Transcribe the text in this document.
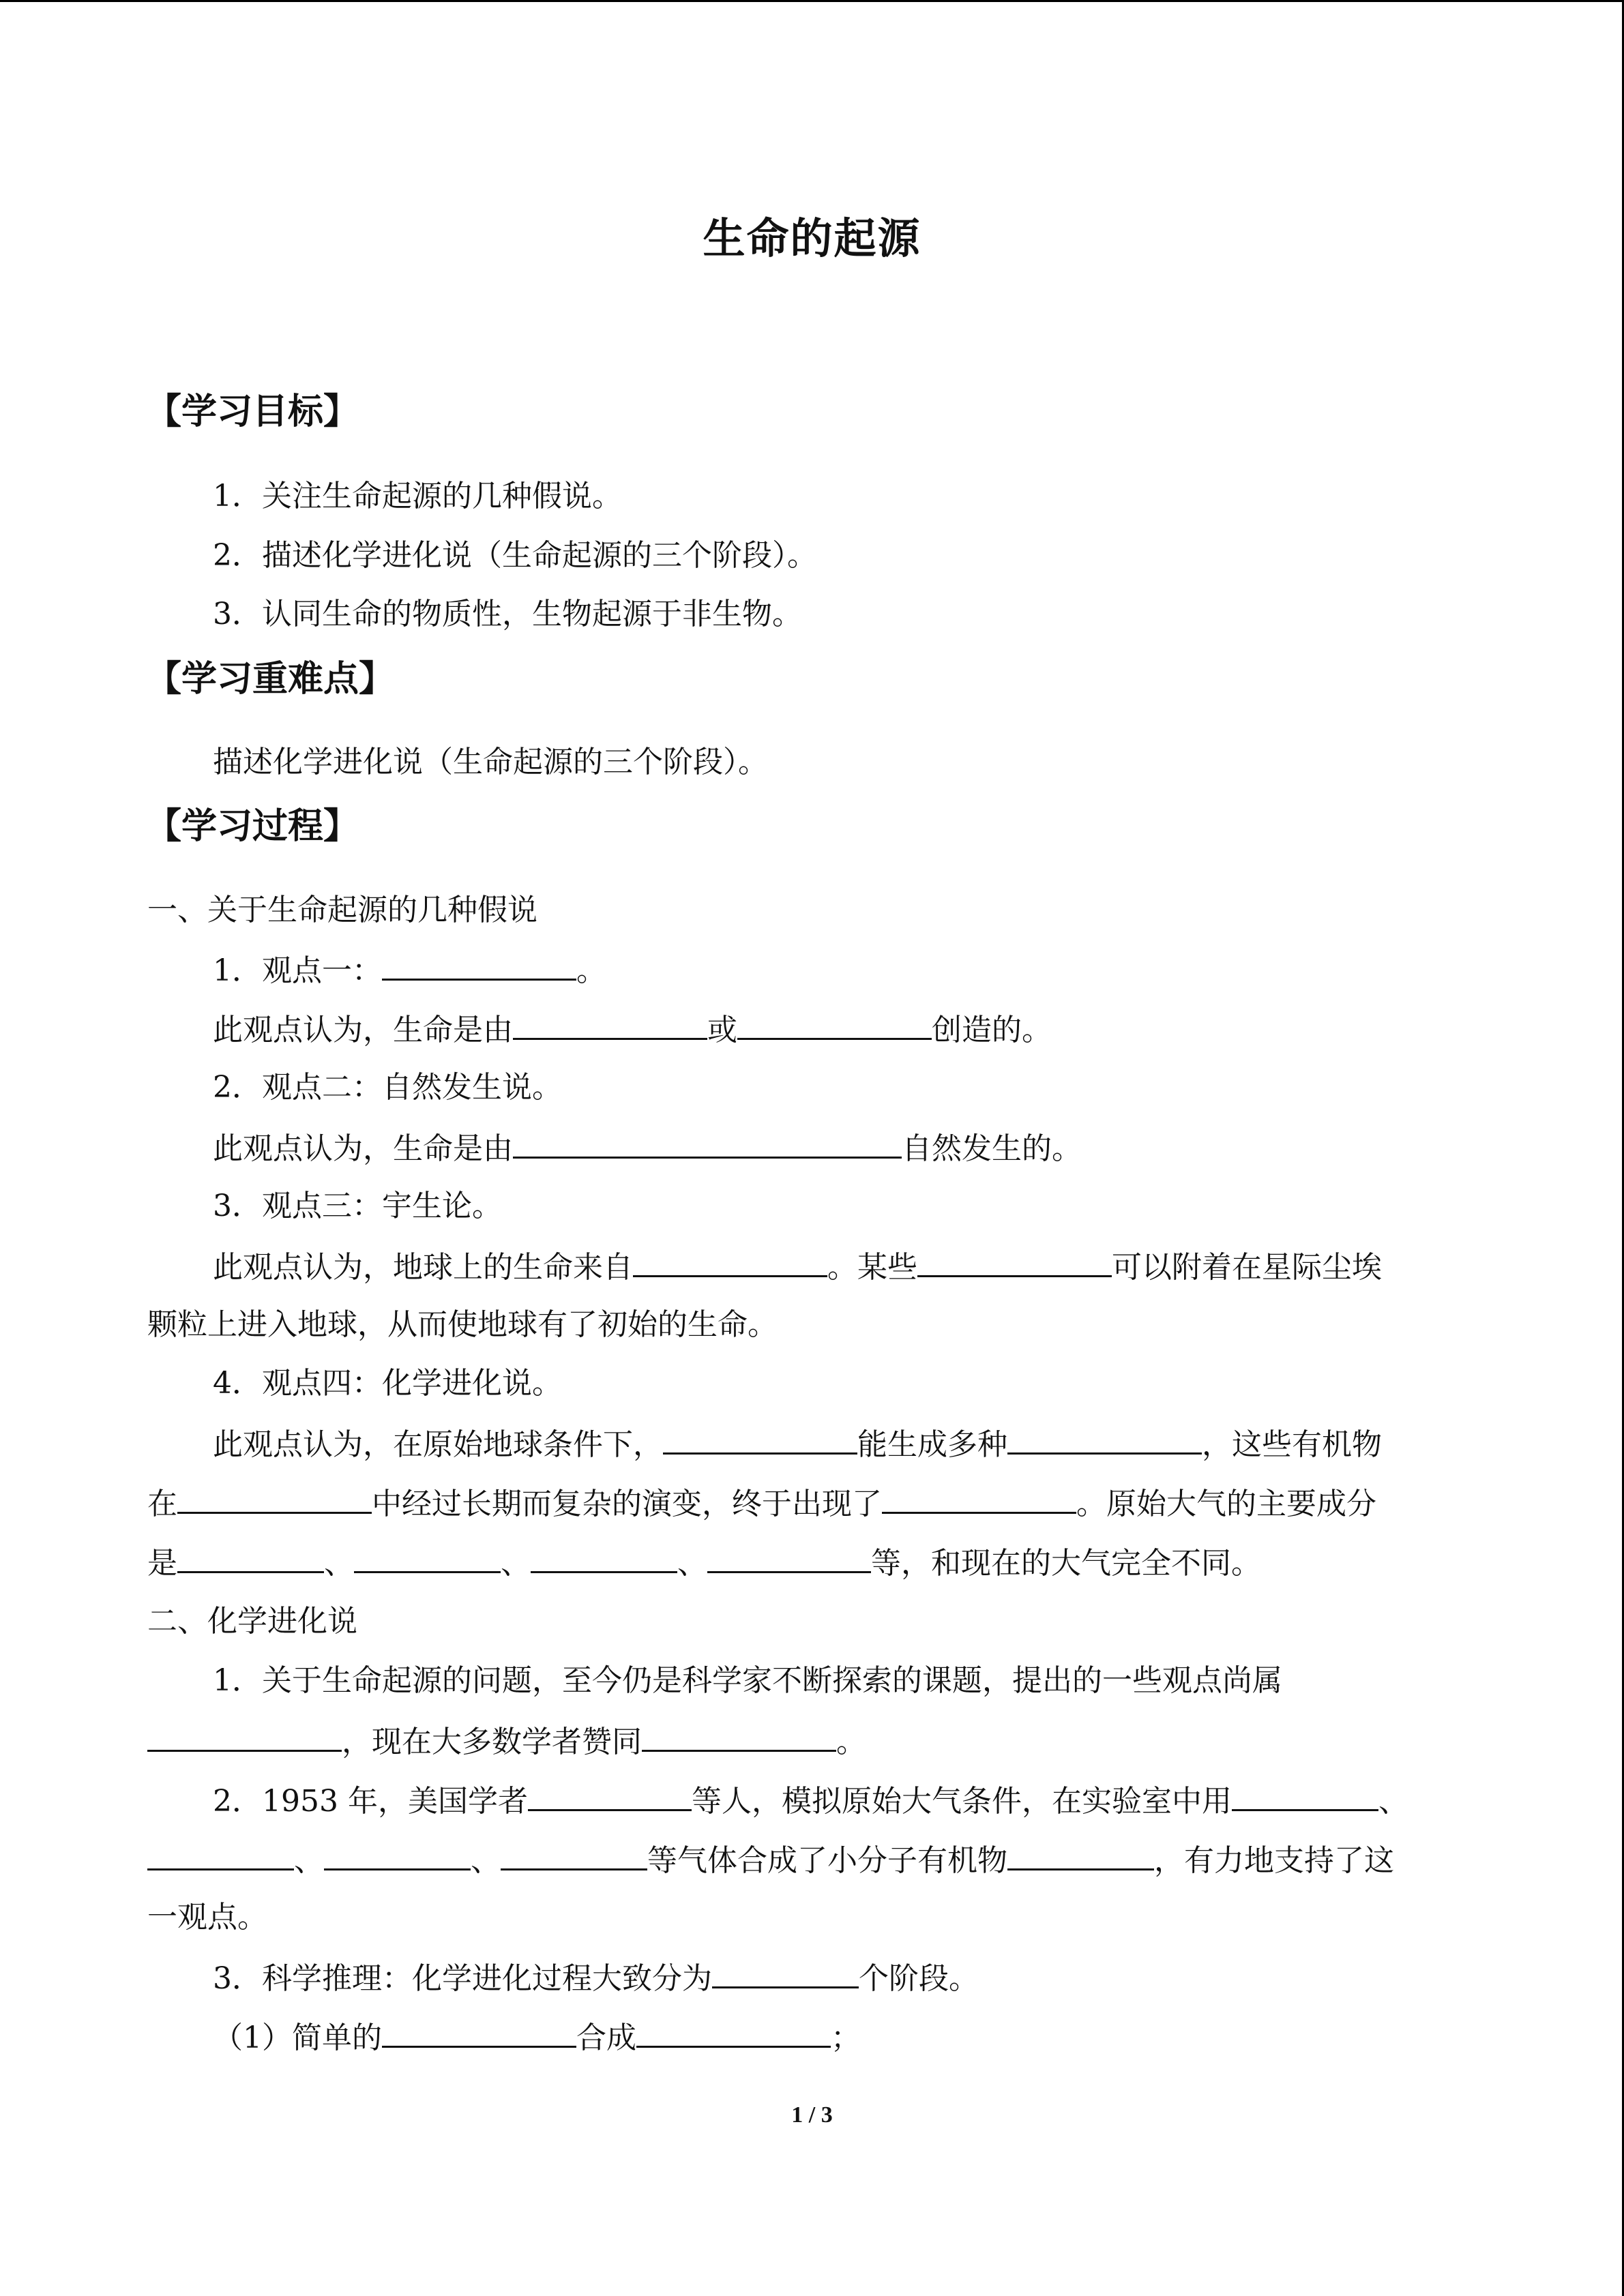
生命的起源
【学习目标】
1．关注生命起源的几种假说。
2．描述化学进化说（生命起源的三个阶段）。
3．认同生命的物质性，生物起源于非生物。
【学习重难点】
描述化学进化说（生命起源的三个阶段）。
【学习过程】
一、关于生命起源的几种假说
1．观点一：	。
此观点认为，生命是由	或	创造的。
2．观点二：自然发生说。
此观点认为，生命是由	自然发生的。
3．观点三：宇生论。
此观点认为，地球上的生命来自	。某些	可以附着在星际尘埃
颗粒上进入地球，从而使地球有了初始的生命。
4．观点四：化学进化说。
此观点认为，在原始地球条件下，	能生成多种	，这些有机物
在	中经过长期而复杂的演变，终于出现了	。原始大气的主要成分
是	、	、	、	等，和现在的大气完全不同。
二、化学进化说
1．关于生命起源的问题，至今仍是科学家不断探索的课题，提出的一些观点尚属
，现在大多数学者赞同	。
2．1953 年，美国学者	等人，模拟原始大气条件，在实验室中用	、
、	、	等气体合成了小分子有机物	，有力地支持了这
一观点。
3．科学推理：化学进化过程大致分为	个阶段。
（1）简单的	合成	；
1 / 3
